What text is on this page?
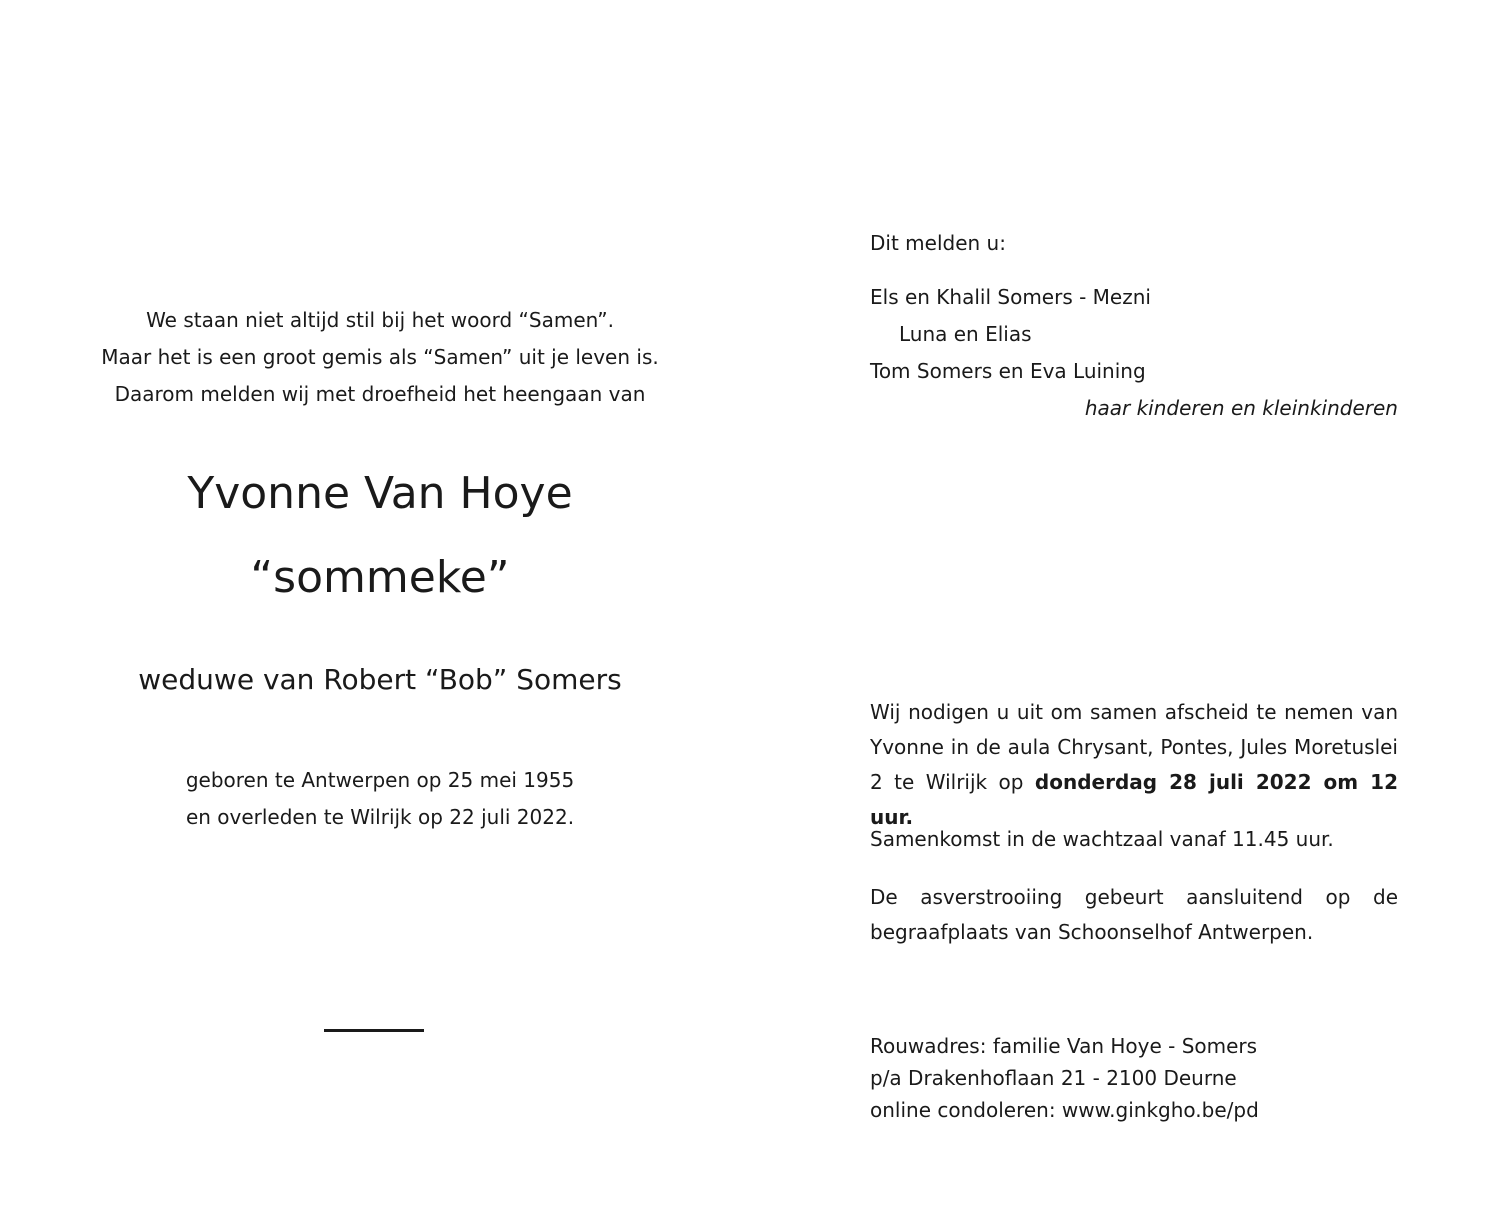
We staan niet altijd stil bij het woord “Samen”.
Maar het is een groot gemis als “Samen” uit je leven is.
Daarom melden wij met droefheid het heengaan van
Yvonne Van Hoye
“sommeke”
weduwe van Robert “Bob” Somers
geboren te Antwerpen op 25 mei 1955
en overleden te Wilrijk op 22 juli 2022.
Dit melden u:
Els en Khalil Somers - Mezni
Luna en Elias
Tom Somers en Eva Luining
haar kinderen en kleinkinderen
Wij nodigen u uit om samen afscheid te nemen van Yvonne in de aula Chrysant, Pontes, Jules Moretuslei 2 te Wilrijk op donderdag 28 juli 2022 om 12 uur.
Samenkomst in de wachtzaal vanaf 11.45 uur.
De asverstrooiing gebeurt aansluitend op de
begraafplaats van Schoonselhof Antwerpen.
Rouwadres: familie Van Hoye - Somers
p/a Drakenhoflaan 21 - 2100 Deurne
online condoleren: www.ginkgho.be/pd
